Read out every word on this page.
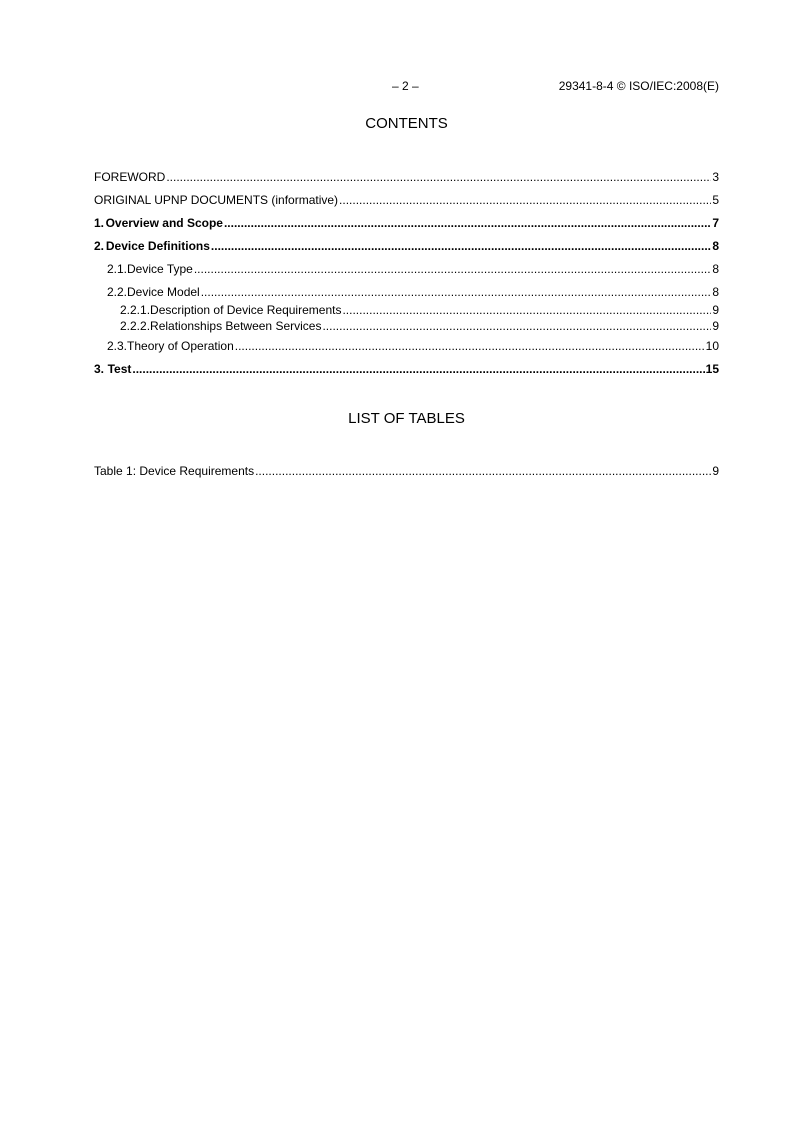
– 2 –	29341-8-4 © ISO/IEC:2008(E)
CONTENTS
FOREWORD .....	3
ORIGINAL UPNP DOCUMENTS (informative) .....	5
1. Overview and Scope .....	7
2. Device Definitions .....	8
2.1. Device Type .....	8
2.2. Device Model .....	8
2.2.1. Description of Device Requirements .....	9
2.2.2. Relationships Between Services .....	9
2.3. Theory of Operation .....	10
3. Test .....	15
LIST OF TABLES
Table 1: Device Requirements .....	9
